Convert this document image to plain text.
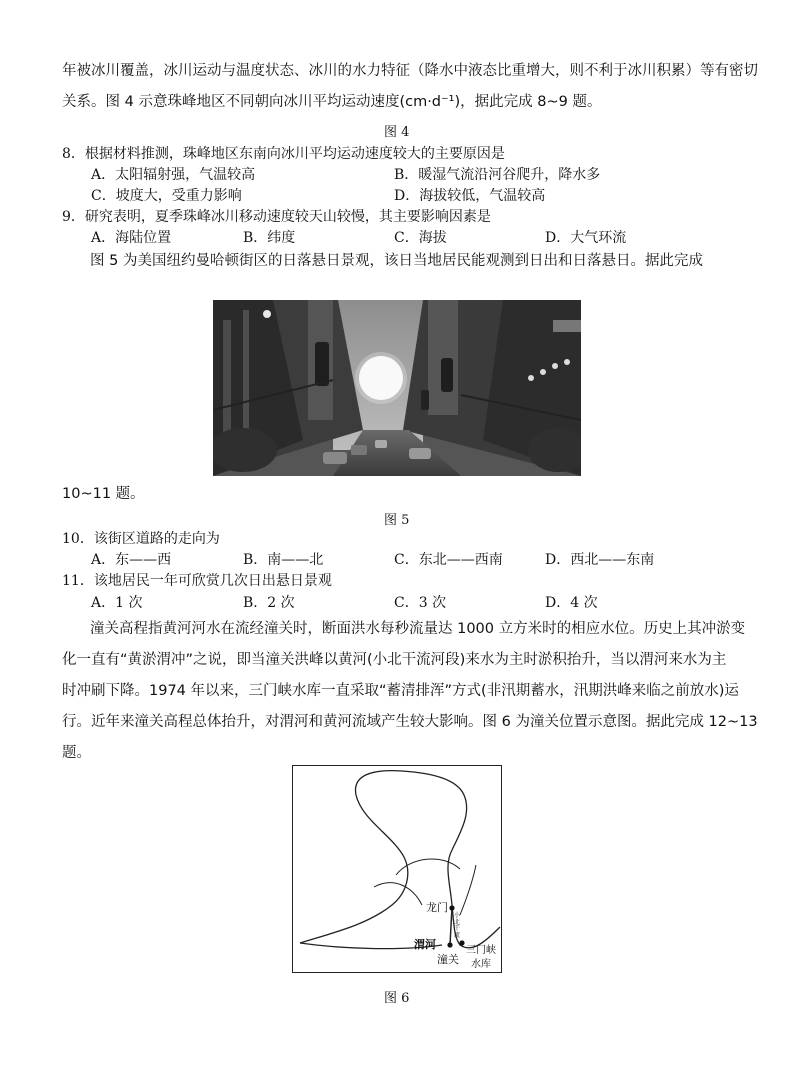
年被冰川覆盖，冰川运动与温度状态、冰川的水力特征（降水中液态比重增大，则不利于冰川积累）等有密切
关系。图 4 示意珠峰地区不同朝向冰川平均运动速度(cm·d⁻¹)，据此完成 8~9 题。
图 4
8．根据材料推测，珠峰地区东南向冰川平均运动速度较大的主要原因是
A．太阳辐射强，气温较高	B．暖湿气流沿河谷爬升，降水多
C．坡度大，受重力影响	D．海拔较低，气温较高
9．研究表明，夏季珠峰冰川移动速度较天山较慢，其主要影响因素是
A．海陆位置	B．纬度	C．海拔	D．大气环流
图 5 为美国纽约曼哈顿街区的日落悬日景观，该日当地居民能观测到日出和日落悬日。据此完成
10~11 题。
图 5
10．该街区道路的走向为
A．东——西	B．南——北	C．东北——西南	D．西北——东南
11．该地居民一年可欣赏几次日出悬日景观
A．1 次	B．2 次	C．3 次	D．4 次
潼关高程指黄河河水在流经潼关时，断面洪水每秒流量达 1000 立方米时的相应水位。历史上其冲淤变
化一直有“黄淤渭冲”之说，即当潼关洪峰以黄河(小北干流河段)来水为主时淤积抬升，当以渭河来水为主
时冲刷下降。1974 年以来，三门峡水库一直采取“蓄清排浑”方式(非汛期蓄水，汛期洪峰来临之前放水)运
行。近年来潼关高程总体抬升，对渭河和黄河流域产生较大影响。图 6 为潼关位置示意图。据此完成 12~13
题。
龙门
小
北
干
流
渭河
潼关
三门峡
水库
图 6
